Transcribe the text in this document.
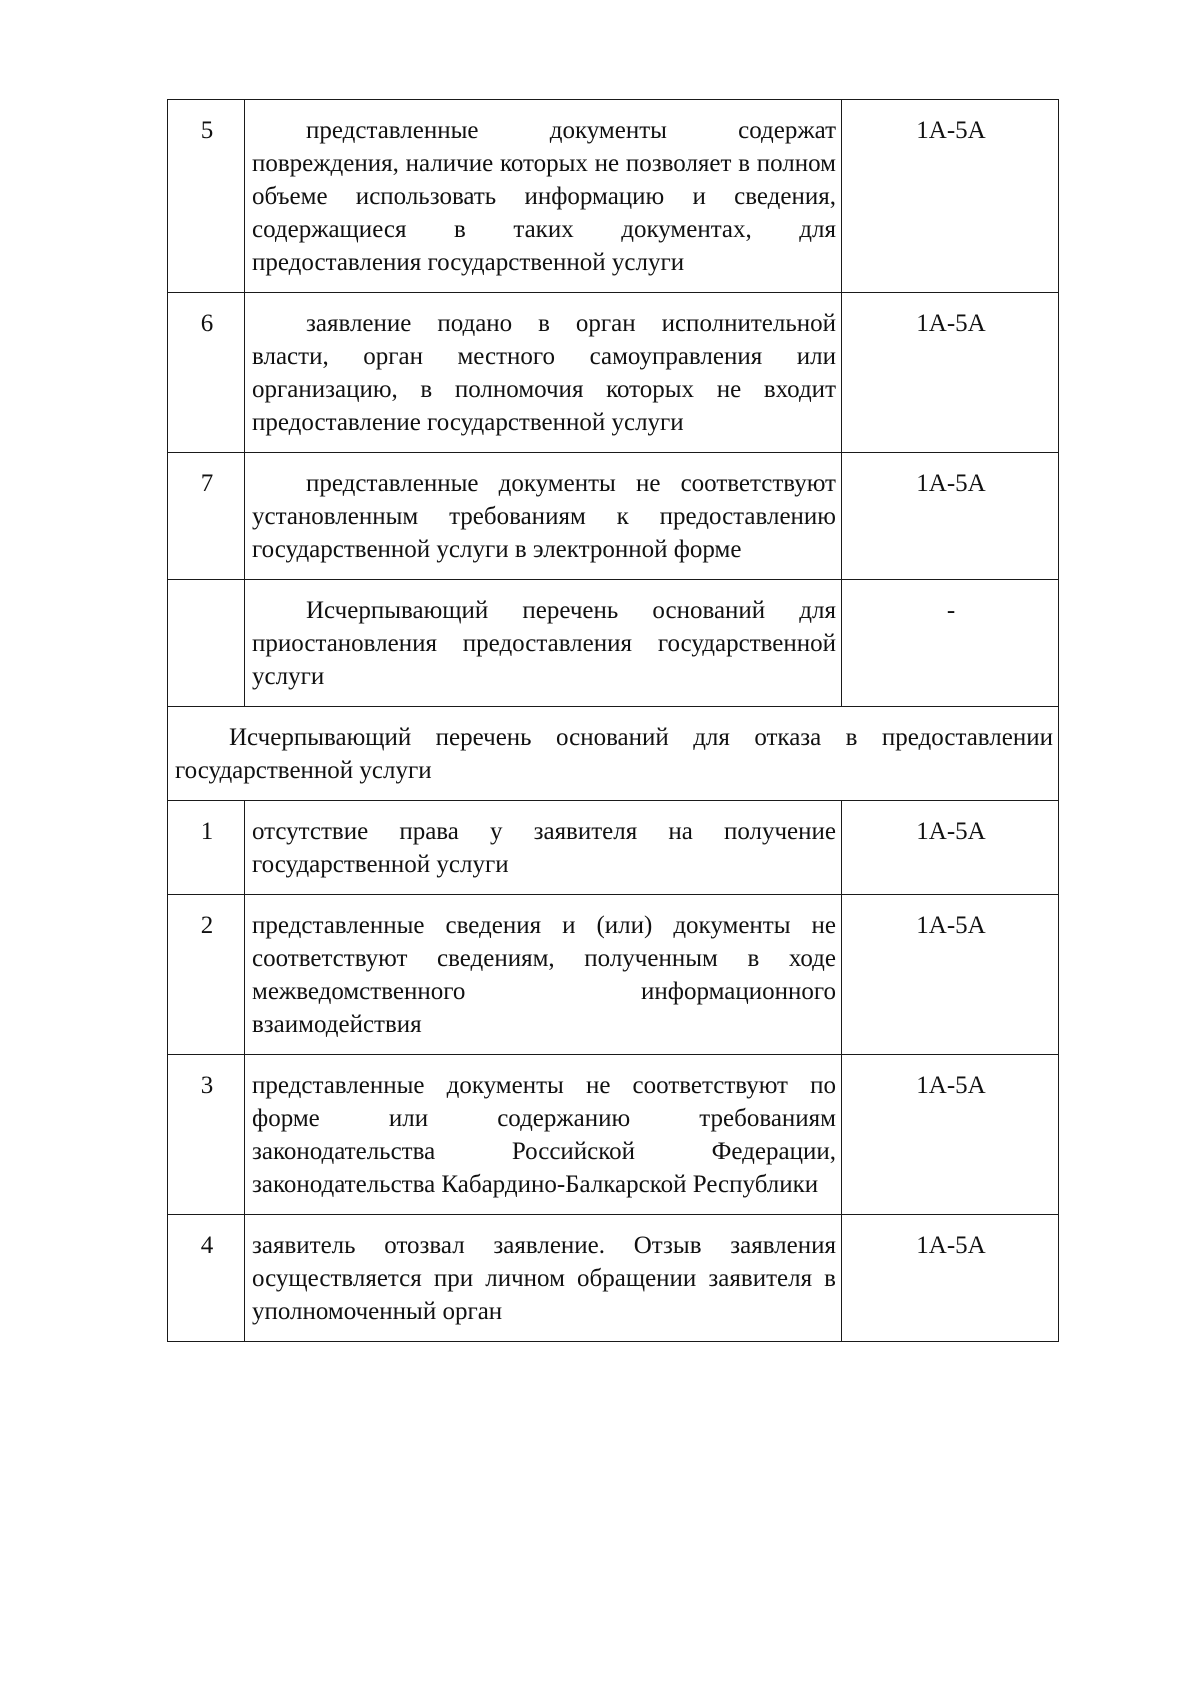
5	представленные документы содержат повреждения, наличие которых не позволяет в полном объеме использовать информацию и сведения, содержащиеся в таких документах, для предоставления государственной услуги	1А-5А
6	заявление подано в орган исполнительной власти, орган местного самоуправления или организацию, в полномочия которых не входит предоставление государственной услуги	1А-5А
7	представленные документы не соответствуют установленным требованиям к предоставлению государственной услуги в электронной форме	1А-5А
	Исчерпывающий перечень оснований для приостановления предоставления государственной услуги	-
Исчерпывающий перечень оснований для отказа в предоставлении государственной услуги		
1	отсутствие права у заявителя на получение государственной услуги	1А-5А
2	представленные сведения и (или) документы не соответствуют сведениям, полученным в ходе межведомственного информационного взаимодействия	1А-5А
3	представленные документы не соответствуют по форме или содержанию требованиям законодательства Российской Федерации, законодательства Кабардино-Балкарской Республики	1А-5А
4	заявитель отозвал заявление. Отзыв заявления осуществляется при личном обращении заявителя в уполномоченный орган	1А-5А
